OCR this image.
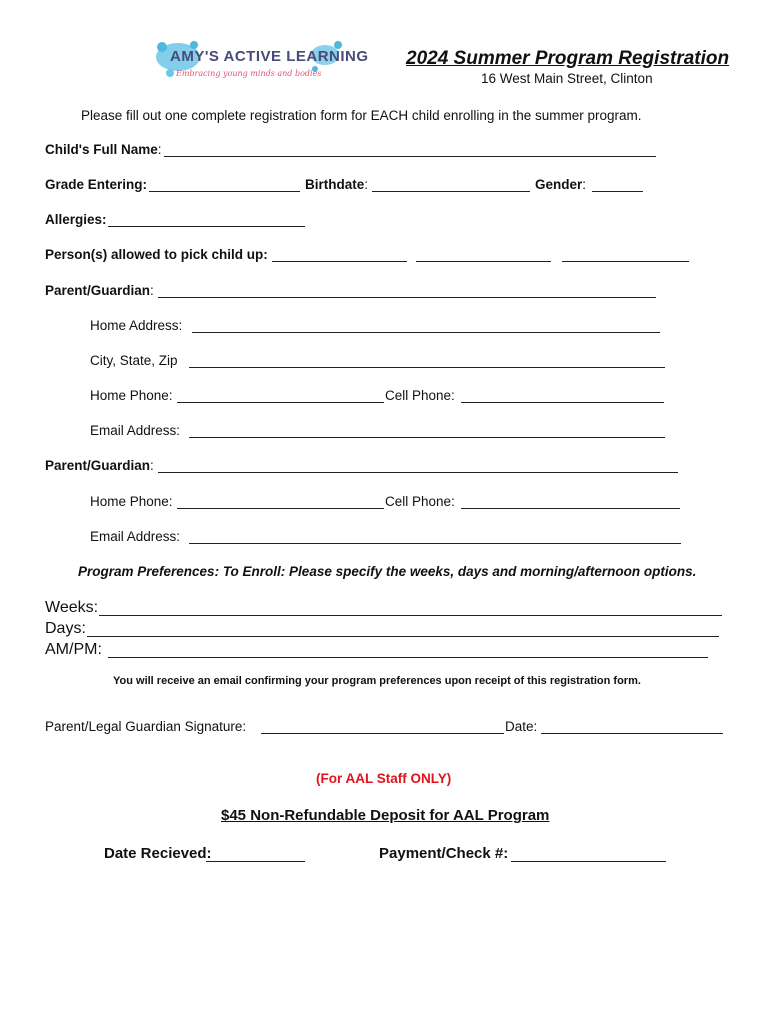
AMY'S ACTIVE LEARNING
Embracing young minds and bodies
2024 Summer Program Registration
16 West Main Street, Clinton
Please fill out one complete registration form for EACH child enrolling in the summer program.
Child's Full Name:
Grade Entering:	Birthdate:	Gender:
Allergies:
Person(s) allowed to pick child up:
Parent/Guardian:
Home Address:
City, State, Zip
Home Phone:	Cell Phone:
Email Address:
Parent/Guardian:
Home Phone:	Cell Phone:
Email Address:
Program Preferences: To Enroll: Please specify the weeks, days and morning/afternoon options.
Weeks:
Days:
AM/PM:
You will receive an email confirming your program preferences upon receipt of this registration form.
Parent/Legal Guardian Signature:	Date:
(For AAL Staff ONLY)
$45 Non-Refundable Deposit for AAL Program
Date Recieved:	Payment/Check #:
